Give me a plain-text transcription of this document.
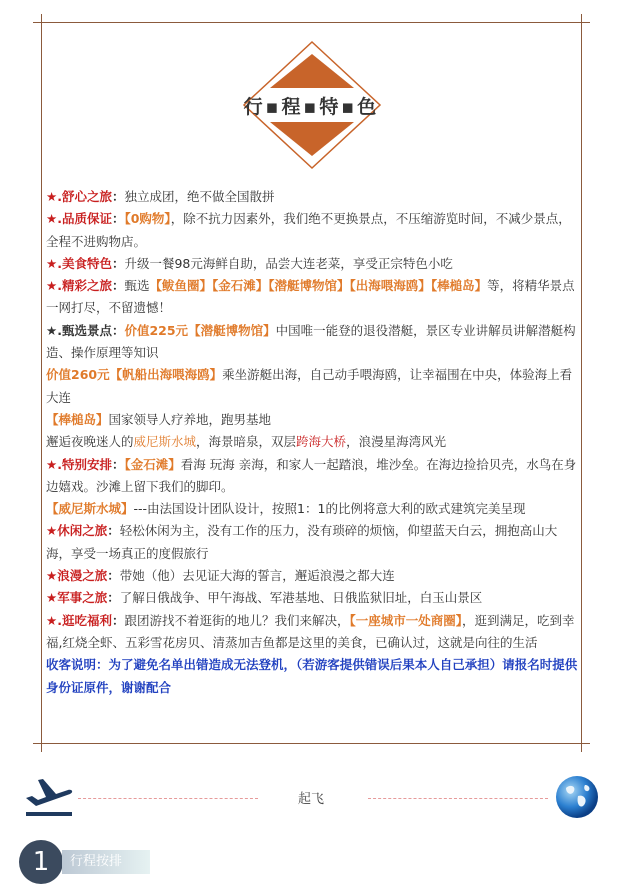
行▪程▪特▪色

★.舒心之旅：独立成团，绝不做全国散拼

★.品质保证：【0购物】，除不抗力因素外，我们绝不更换景点，不压缩游览时间，不减少景点，全程不进购物店。

★.美食特色：升级一餐98元海鲜自助，品尝大连老菜，享受正宗特色小吃

★.精彩之旅：甄选【鲅鱼圈】【金石滩】【潜艇博物馆】【出海喂海鸥】【棒槌岛】等，将精华景点一网打尽，不留遗憾！

★.甄选景点：价值225元【潜艇博物馆】中国唯一能登的退役潜艇，景区专业讲解员讲解潜艇构造、操作原理等知识

价值260元【帆船出海喂海鸥】乘坐游艇出海，自己动手喂海鸥，让幸福围在中央，体验海上看大连

【棒槌岛】国家领导人疗养地，跑男基地

邂逅夜晚迷人的威尼斯水城，海景暗泉，双层跨海大桥，浪漫星海湾风光

★.特别安排：【金石滩】看海 玩海 亲海，和家人一起踏浪，堆沙垒。在海边捡拾贝壳，水鸟在身边嬉戏。沙滩上留下我们的脚印。

【威尼斯水城】---由法国设计团队设计，按照1：1的比例将意大利的欧式建筑完美呈现

★休闲之旅：轻松休闲为主，没有工作的压力，没有琐碎的烦恼，仰望蓝天白云，拥抱高山大海，享受一场真正的度假旅行

★浪漫之旅：带她（他）去见证大海的誓言，邂逅浪漫之都大连

★军事之旅：了解日俄战争、甲午海战、军港基地、日俄监狱旧址，白玉山景区

★.逛吃福利：跟团游找不着逛街的地儿？我们来解决，【一座城市一处商圈】，逛到满足，吃到幸福,红烧全虾、五彩雪花房贝、清蒸加吉鱼都是这里的美食，已确认过，这就是向往的生活

收客说明：为了避免名单出错造成无法登机，（若游客提供错误后果本人自己承担）请报名时提供身份证原件，谢谢配合

起飞
1	行程按排
